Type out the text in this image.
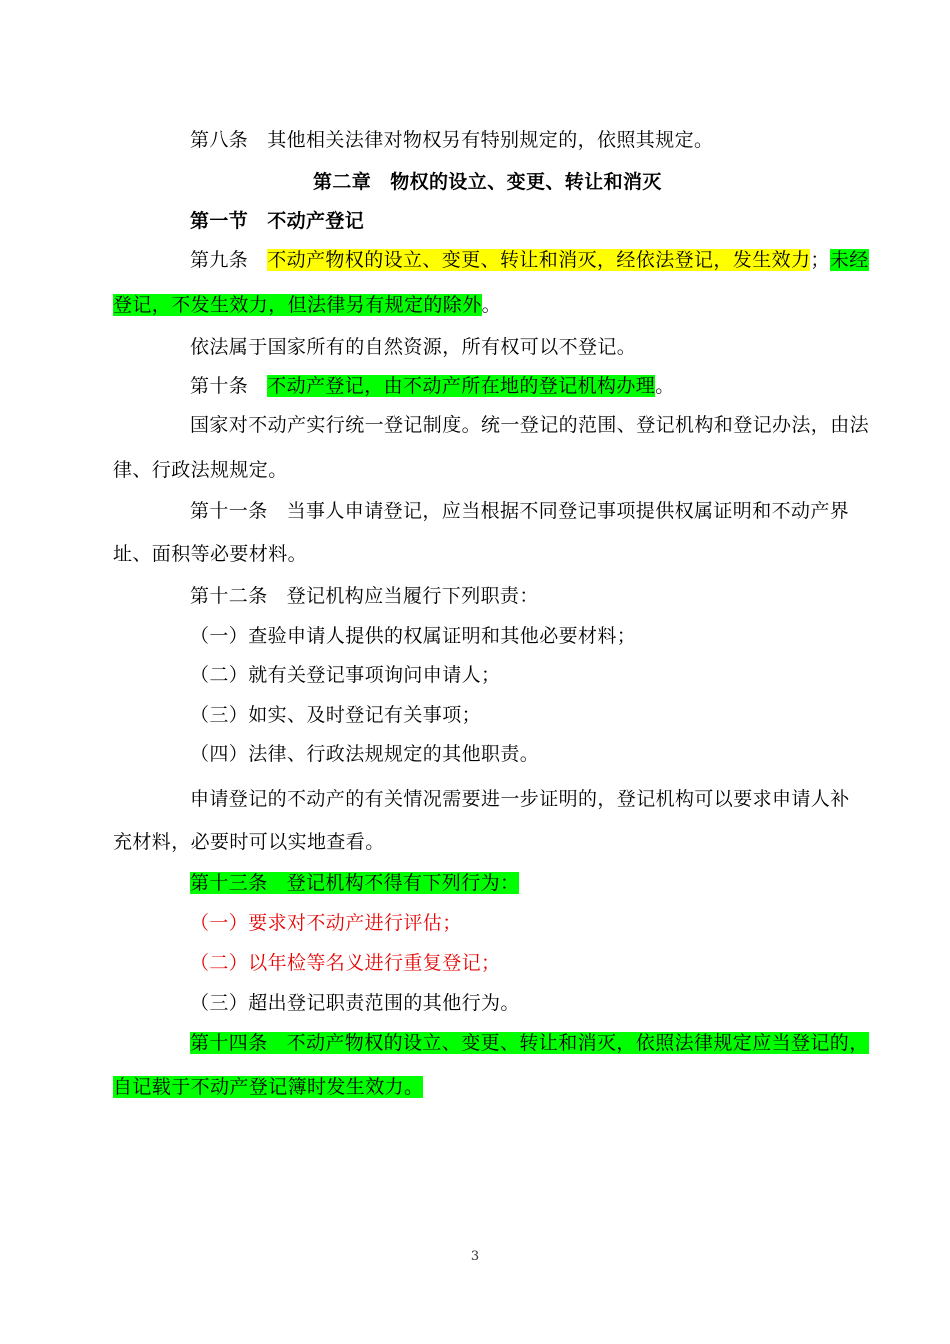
第八条 其他相关法律对物权另有特别规定的，依照其规定。
第二章 物权的设立、变更、转让和消灭
第一节 不动产登记
第九条 不动产物权的设立、变更、转让和消灭，经依法登记，发生效力；未经
登记，不发生效力，但法律另有规定的除外。
依法属于国家所有的自然资源，所有权可以不登记。
第十条 不动产登记，由不动产所在地的登记机构办理。
国家对不动产实行统一登记制度。统一登记的范围、登记机构和登记办法，由法
律、行政法规规定。
第十一条 当事人申请登记，应当根据不同登记事项提供权属证明和不动产界
址、面积等必要材料。
第十二条 登记机构应当履行下列职责：
（一）查验申请人提供的权属证明和其他必要材料；
（二）就有关登记事项询问申请人；
（三）如实、及时登记有关事项；
（四）法律、行政法规规定的其他职责。
申请登记的不动产的有关情况需要进一步证明的，登记机构可以要求申请人补
充材料，必要时可以实地查看。
第十三条 登记机构不得有下列行为：
（一）要求对不动产进行评估；
（二）以年检等名义进行重复登记；
（三）超出登记职责范围的其他行为。
第十四条 不动产物权的设立、变更、转让和消灭，依照法律规定应当登记的，
自记载于不动产登记簿时发生效力。
3
